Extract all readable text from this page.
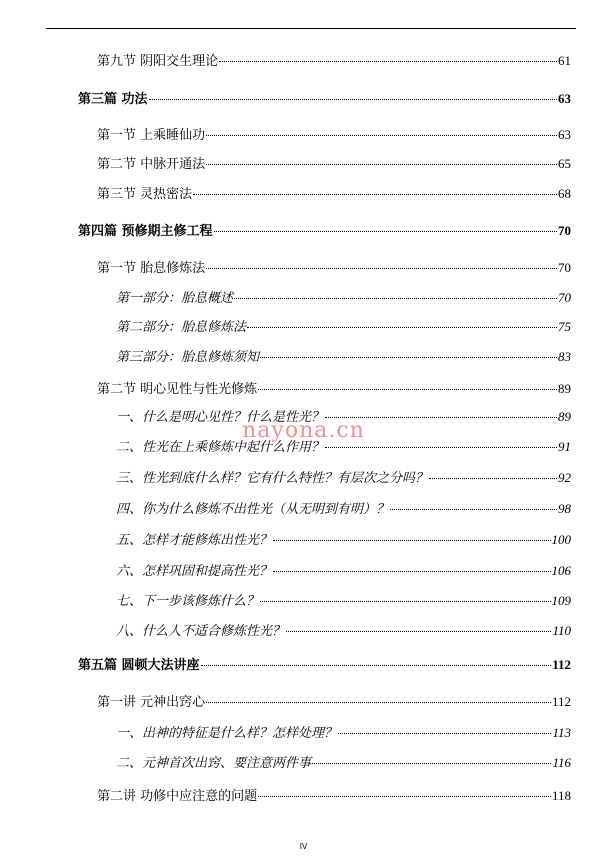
第九节 阴阳交生理论	61
第三篇 功法	63
第一节 上乘睡仙功	63
第二节 中脉开通法	65
第三节 灵热密法	68
第四篇 预修期主修工程	70
第一节 胎息修炼法	70
第一部分：胎息概述	70
第二部分：胎息修炼法	75
第三部分：胎息修炼须知	83
第二节 明心见性与性光修炼	89
一、什么是明心见性？什么是性光？	89
二、性光在上乘修炼中起什么作用？	91
三、性光到底什么样？它有什么特性？有层次之分吗？	92
四、你为什么修炼不出性光（从无明到有明）？	98
五、怎样才能修炼出性光？	100
六、怎样巩固和提高性光？	106
七、下一步该修炼什么？	109
八、什么人不适合修炼性光？	110
第五篇 圆顿大法讲座	112
第一讲 元神出窍心	112
一、出神的特征是什么样？怎样处理？	113
二、元神首次出窍、要注意两件事	116
第二讲 功修中应注意的问题	118
nayona.cn
IV
